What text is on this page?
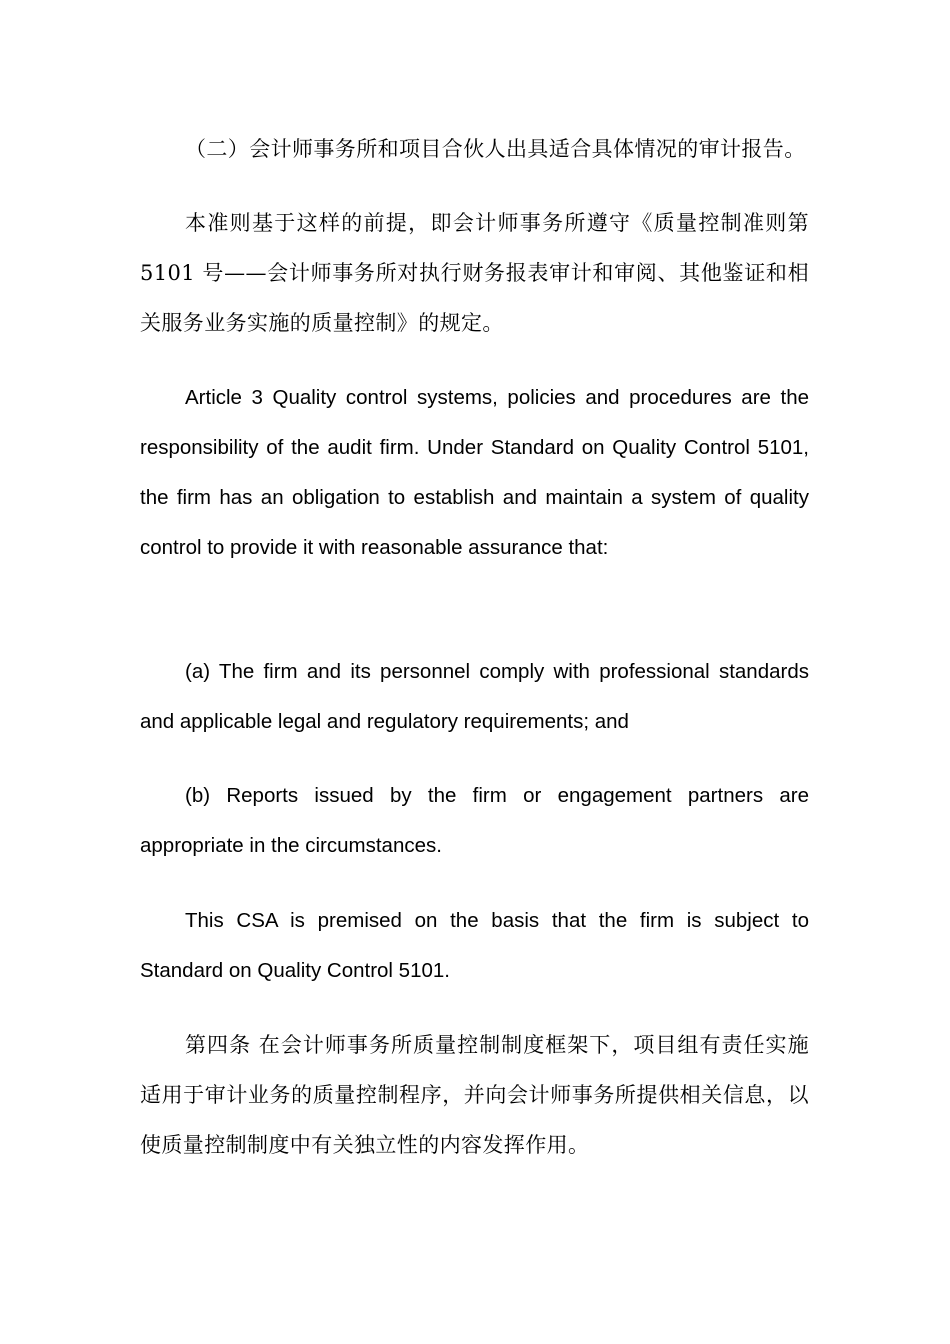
（二）会计师事务所和项目合伙人出具适合具体情况的审计报告。

本准则基于这样的前提，即会计师事务所遵守《质量控制准则第 5101 号——会计师事务所对执行财务报表审计和审阅、其他鉴证和相关服务业务实施的质量控制》的规定。

Article 3 Quality control systems, policies and procedures are the responsibility of the audit firm. Under Standard on Quality Control 5101, the firm has an obligation to establish and maintain a system of quality control to provide it with reasonable assurance that:

(a) The firm and its personnel comply with professional standards and applicable legal and regulatory requirements; and

(b) Reports issued by the firm or engagement partners are appropriate in the circumstances.

This CSA is premised on the basis that the firm is subject to Standard on Quality Control 5101.

第四条 在会计师事务所质量控制制度框架下，项目组有责任实施适用于审计业务的质量控制程序，并向会计师事务所提供相关信息，以使质量控制制度中有关独立性的内容发挥作用。
